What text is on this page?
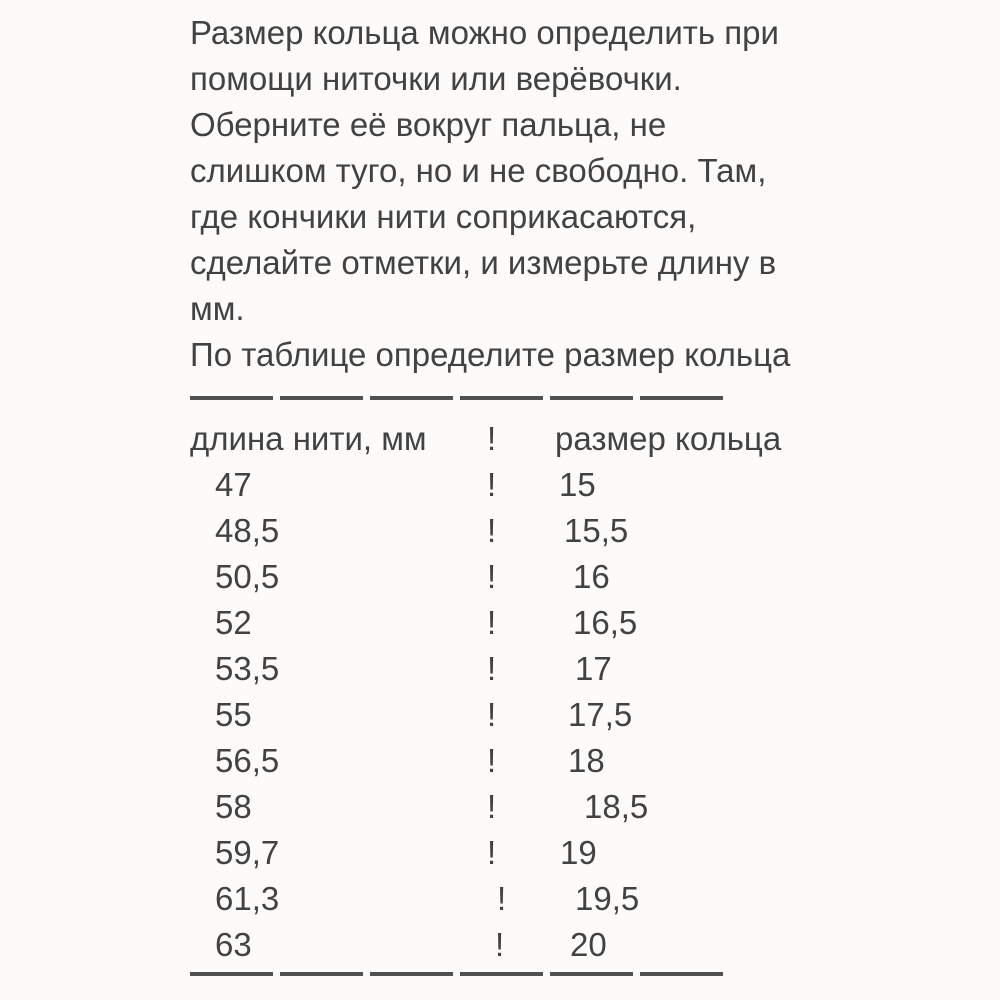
Размер кольца можно определить при
помощи ниточки или верёвочки.
Оберните её вокруг пальца, не
слишком туго, но и не свободно. Там,
где кончики нити соприкасаются,
сделайте отметки, и измерьте длину в
мм.
По таблице определите размер кольца
длина нити, мм	!	размер кольца
47	!	15
48,5	!	15,5
50,5	!	16
52	!	16,5
53,5	!	17
55	!	17,5
56,5	!	18
58	!	18,5
59,7	!	19
61,3	!	19,5
63	!	20
